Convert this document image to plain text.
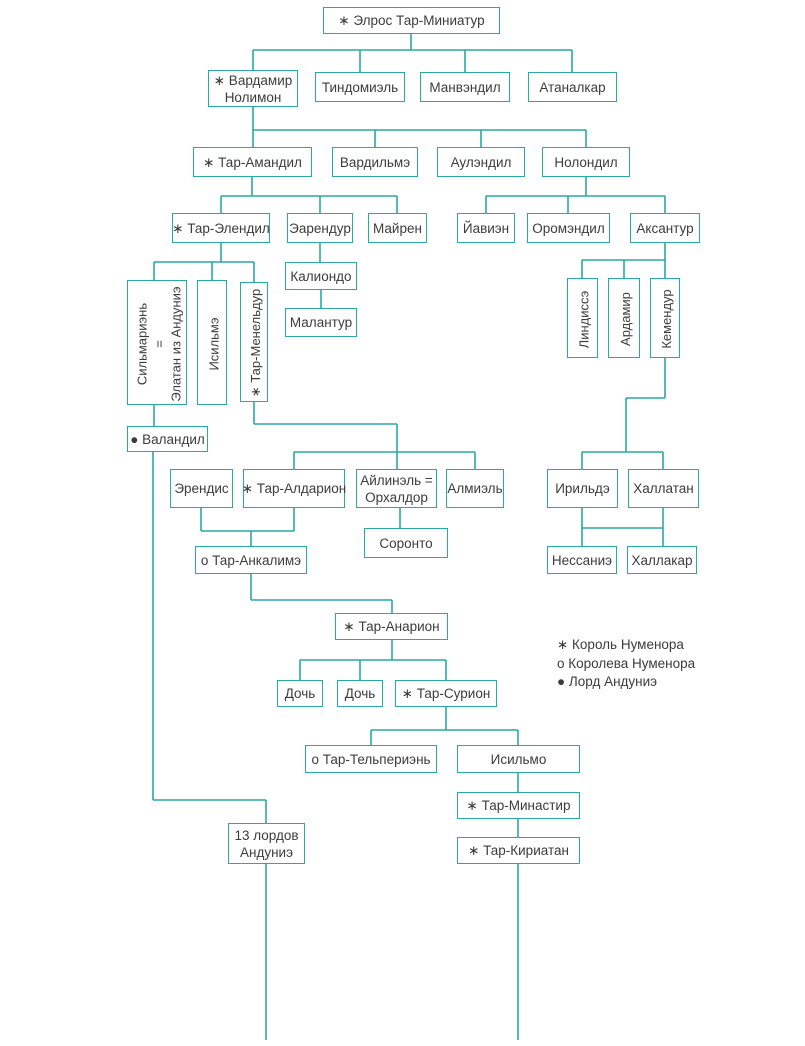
∗ Король Нуменора
о Королева Нуменора
● Лорд Андуниэ
∗ Элрос Тар-Миниатур
∗ Вардамир
Нолимон
Тиндомиэль Манвэндил	Атаналкар
∗ Тар-Амандил	Вардильмэ	Аулэндил	Нолондил
∗ Тар-Элендил Эарендур Майрен	Йавиэн Оромэндил Аксантур
Калиондо
Малантур
Сильмариэнь = Элатан из Андуниэ Исильмэ ∗ Тар-Менельдур	Линдиссэ Ардамир Кемендур
● Валандил
Эрендис ∗ Тар-Алдарион
Айлинэль =
Орхалдор
Алмиэль	Ирильдэ Халлатан
Соронто
о Тар-Анкалимэ	Нессаниэ Халлакар
∗ Тар-Анарион
Дочь Дочь ∗ Тар-Сурион
о Тар-Тельпериэнь	Исильмо
∗ Тар-Минастир
∗ Тар-Кириатан
13 лордов
Андуниэ
